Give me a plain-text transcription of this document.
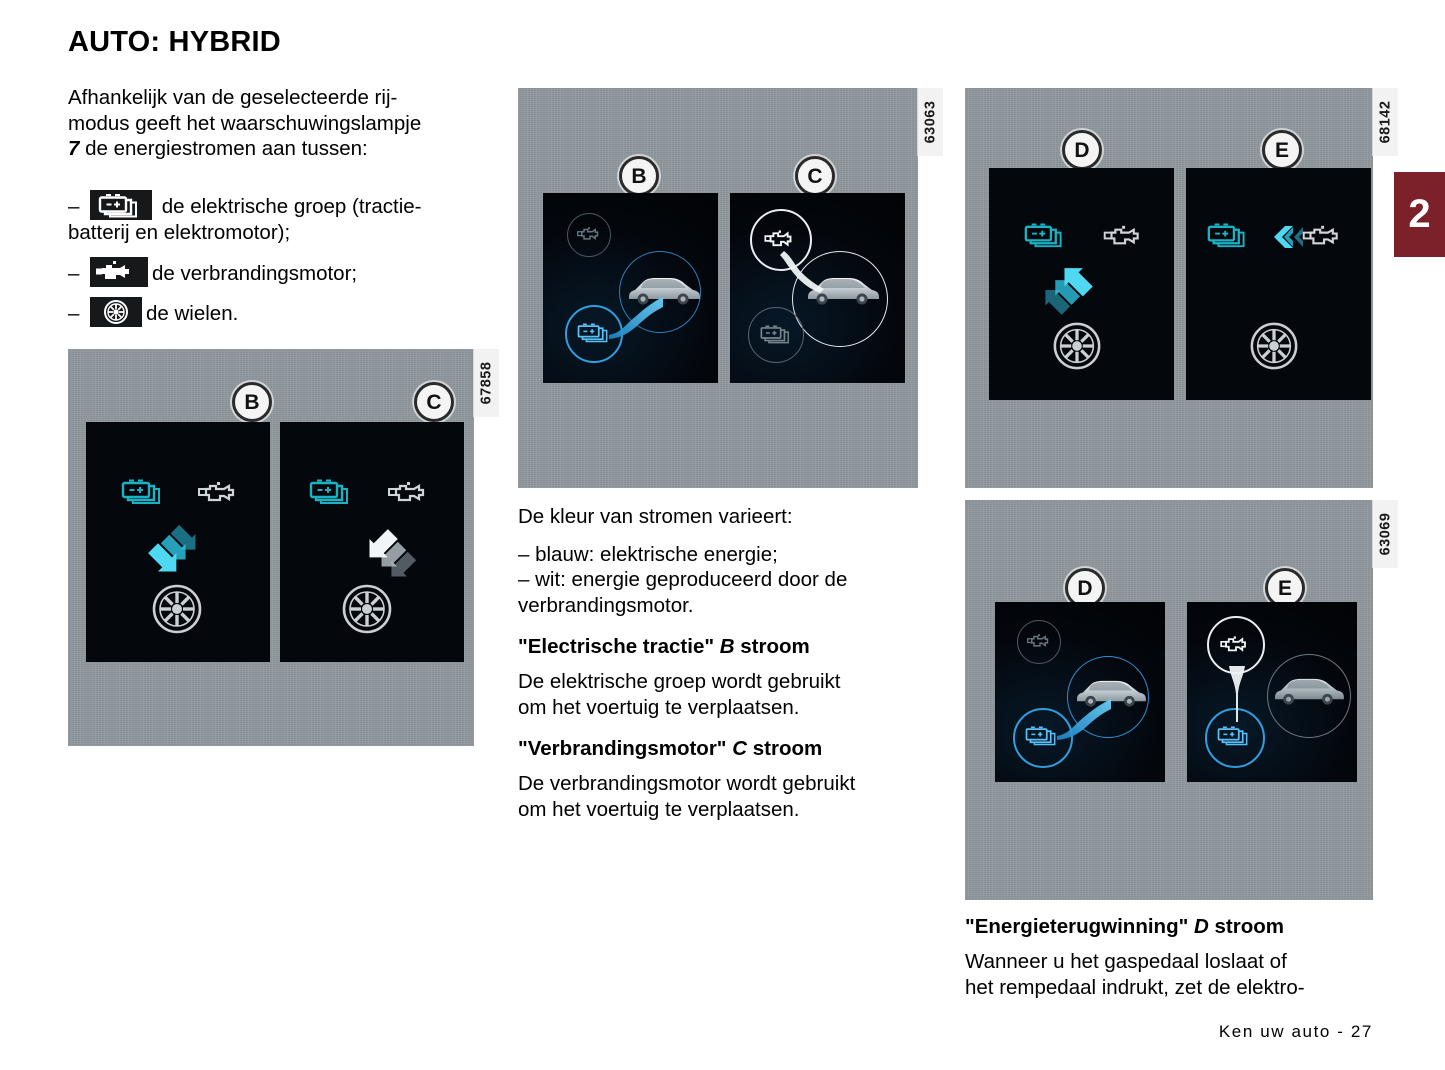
2
AUTO: HYBRID

Afhankelijk van de geselecteerde rij-
modus geeft het waarschuwingslampje
7 de energiestromen aan tussen:

–	de elektrische groep (tractie-
batterij en elektromotor);

–	de verbrandingsmotor;

–	de wielen.

67858
B	C
63063
B	C

De kleur van stromen varieert:

– blauw: elektrische energie;

– wit: energie geproduceerd door de
verbrandingsmotor.

"Electrische tractie" B stroom

De elektrische groep wordt gebruikt
om het voertuig te verplaatsen.

"Verbrandingsmotor" C stroom

De verbrandingsmotor wordt gebruikt
om het voertuig te verplaatsen.

68142
D	E
63069
D	E

"Energieterugwinning" D stroom

Wanneer u het gaspedaal loslaat of
het rempedaal indrukt, zet de elektro-

Ken uw auto - 27
